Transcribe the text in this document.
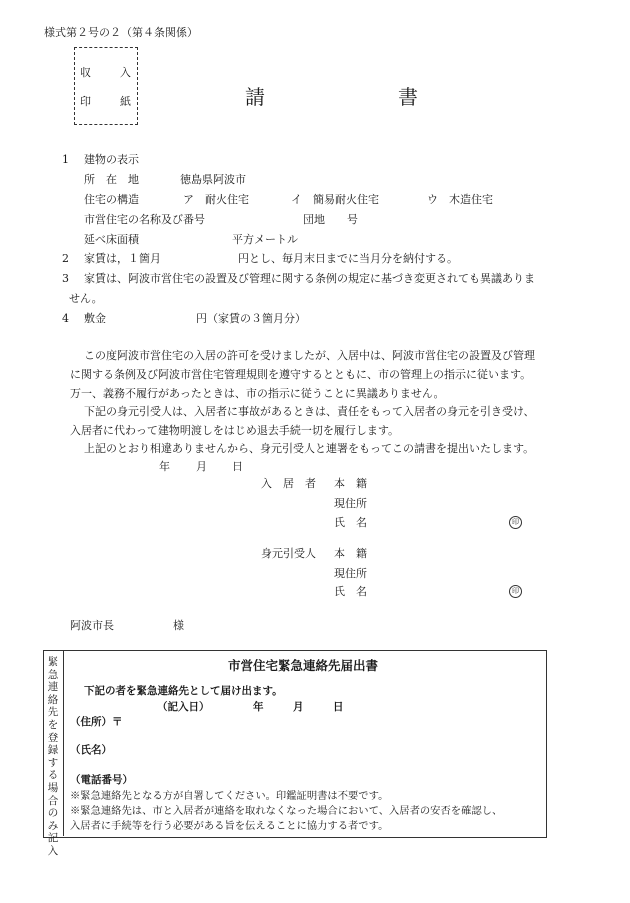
様式第２号の２（第４条関係）
収	入
印	紙	請	書
1 建物の表示
所　在　地	徳島県阿波市
住宅の構造	ア　耐火住宅	イ　簡易耐火住宅	ウ　木造住宅
市営住宅の名称及び番号	団地　　号
延べ床面積	平方メートル
2 家賃は，１箇月　　　　　　　円とし、毎月末日までに当月分を納付する。
3 家賃は、阿波市営住宅の設置及び管理に関する条例の規定に基づき変更されても異議ありま
せん。
4 敷金	円（家賃の３箇月分）
この度阿波市営住宅の入居の許可を受けましたが、入居中は、阿波市営住宅の設置及び管理
に関する条例及び阿波市営住宅管理規則を遵守するとともに、市の管理上の指示に従います。
万一、義務不履行があったときは、市の指示に従うことに異議ありません。
下記の身元引受人は、入居者に事故があるときは、責任をもって入居者の身元を引き受け、
入居者に代わって建物明渡しをはじめ退去手続一切を履行します。
上記のとおり相違ありませんから、身元引受人と連署をもってこの請書を提出いたします。
年 月 日
入　居　者 本　籍
現住所
氏　名	印
身元引受人 本　籍
現住所
氏　名	印
阿波市長	様
緊急連絡先を登録する場合のみ記入
市営住宅緊急連絡先届出書
下記の者を緊急連絡先として届け出ます。
（記入日）	年	月	日
（住所）〒
（氏名）
（電話番号）
※緊急連絡先となる方が自署してください。印鑑証明書は不要です。
※緊急連絡先は、市と入居者が連絡を取れなくなった場合において、入居者の安否を確認し、
入居者に手続等を行う必要がある旨を伝えることに協力する者です。
